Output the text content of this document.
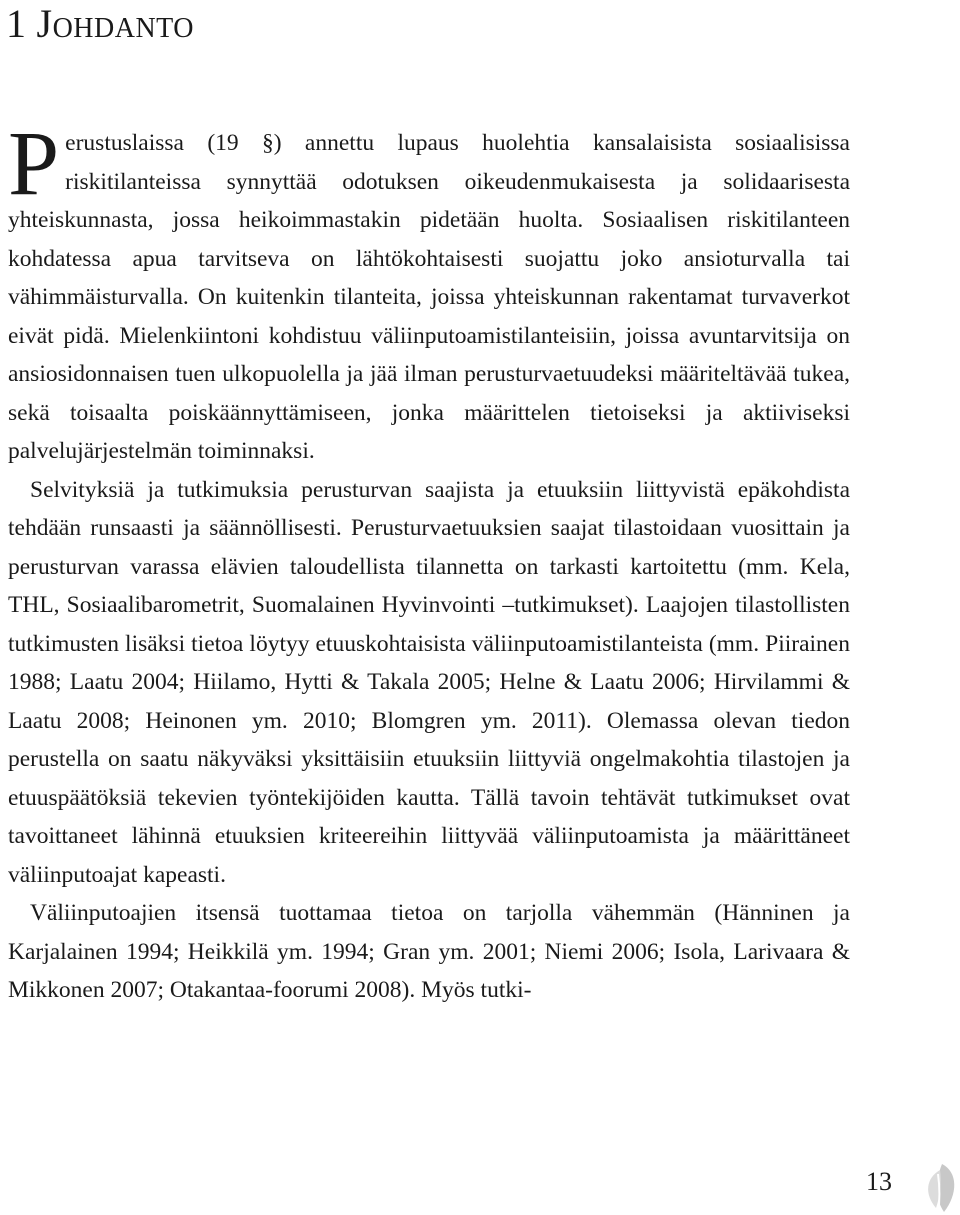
1 Johdanto

Perustuslaissa (19 §) annettu lupaus huolehtia kansalaisista sosiaalisissa riskitilanteissa synnyttää odotuksen oikeudenmukaisesta ja solidaarisesta yhteiskunnasta, jossa heikoimmastakin pidetään huolta. Sosiaalisen riskitilanteen kohdatessa apua tarvitseva on lähtökohtaisesti suojattu joko ansioturvalla tai vähimmäisturvalla. On kuitenkin tilanteita, joissa yhteiskunnan rakentamat turvaverkot eivät pidä. Mielenkiintoni kohdistuu väliinputoamistilanteisiin, joissa avuntarvitsija on ansiosidonnaisen tuen ulkopuolella ja jää ilman perusturvaetuudeksi määriteltävää tukea, sekä toisaalta poiskäännyttämiseen, jonka määrittelen tietoiseksi ja aktiiviseksi palvelujärjestelmän toiminnaksi.

Selvityksiä ja tutkimuksia perusturvan saajista ja etuuksiin liittyvistä epäkohdista tehdään runsaasti ja säännöllisesti. Perusturvaetuuksien saajat tilastoidaan vuosittain ja perusturvan varassa elävien taloudellista tilannetta on tarkasti kartoitettu (mm. Kela, THL, Sosiaalibarometrit, Suomalainen Hyvinvointi –tutkimukset). Laajojen tilastollisten tutkimusten lisäksi tietoa löytyy etuuskohtaisista väliinputoamistilanteista (mm. Piirainen 1988; Laatu 2004; Hiilamo, Hytti & Takala 2005; Helne & Laatu 2006; Hirvilammi & Laatu 2008; Heinonen ym. 2010; Blomgren ym. 2011). Olemassa olevan tiedon perustella on saatu näkyväksi yksittäisiin etuuksiin liittyviä ongelmakohtia tilastojen ja etuuspäätöksiä tekevien työntekijöiden kautta. Tällä tavoin tehtävät tutkimukset ovat tavoittaneet lähinnä etuuksien kriteereihin liittyvää väliinputoamista ja määrittäneet väliinputoajat kapeasti.

Väliinputoajien itsensä tuottamaa tietoa on tarjolla vähemmän (Hänninen ja Karjalainen 1994; Heikkilä ym. 1994; Gran ym. 2001; Niemi 2006; Isola, Larivaara & Mikkonen 2007; Otakantaa-foorumi 2008). Myös tutki-

13
